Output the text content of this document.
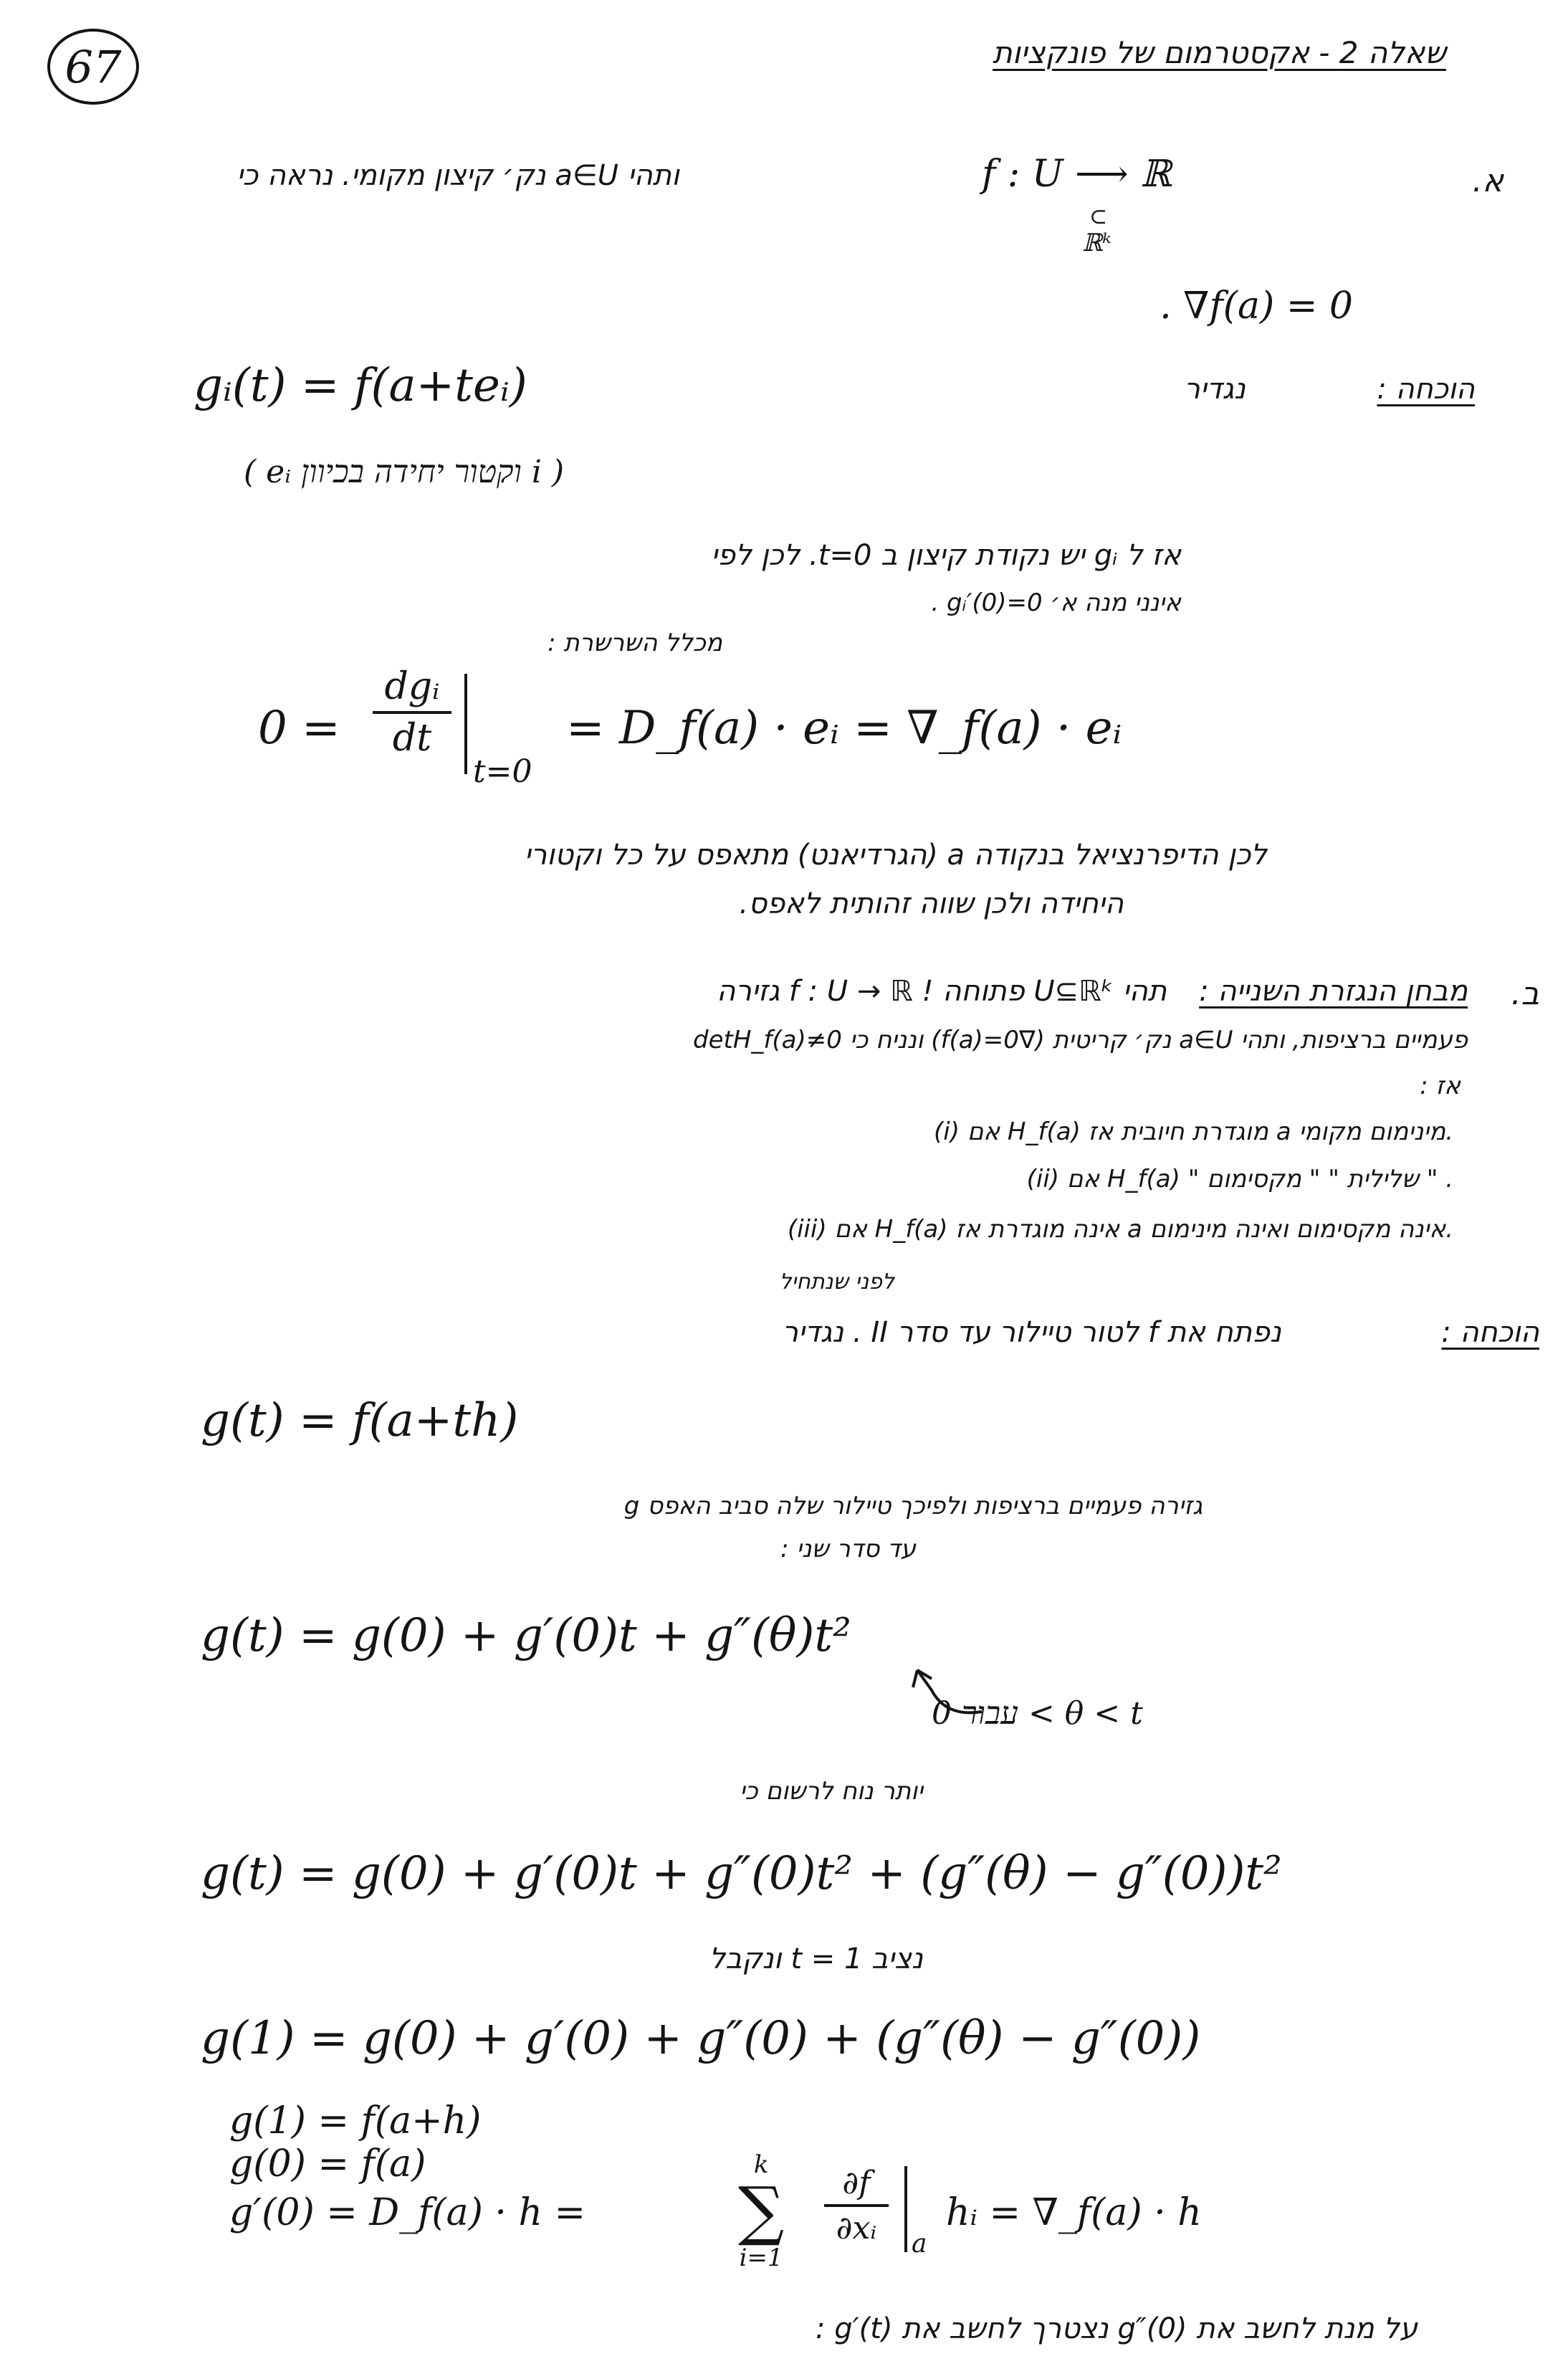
67	שאלה 2 - אקסטרמום של פונקציות
א.
ותהי a∈U נק׳ קיצון מקומי. נראה כי	f : U ⟶ ℝ
⊂
ℝᵏ
. ∇f(a) = 0
הוכחה :
נגדיר
gᵢ(t) = f(a+teᵢ)
( eᵢ וקטור יחידה בכיוון i )
אז ל gᵢ יש נקודת קיצון ב t=0. לכן לפי
אינני מנה א׳ gᵢ′(0)=0 .
מכלל השרשרת :
0 =
dgᵢ
dt
t=0
= D_f(a) · eᵢ = ∇_f(a) · eᵢ
לכן הדיפרנציאל בנקודה a (הגרדיאנט) מתאפס על כל וקטורי
היחידה ולכן שווה זהותית לאפס.
ב.
מבחן הנגזרת השנייה :
תהי U⊆ℝᵏ פתוחה ! f : U → ℝ גזירה
פעמיים ברציפות, ותהי a∈U נק׳ קריטית (∇f(a)=0) ונניח כי detH_f(a)≠0
אז :
(i) אם H_f(a) מוגדרת חיובית אז a מינימום מקומי.
(ii) אם H_f(a) " שלילית " " מקסימום " .
(iii) אם H_f(a) אינה מוגדרת אז a אינה מקסימום ואינה מינימום.
לפני שנתחיל
הוכחה :
נפתח את f לטור טיילור עד סדר II . נגדיר
g(t) = f(a+th)
g גזירה פעמיים ברציפות ולפיכך טיילור שלה סביב האפס
עד סדר שני :
g(t) = g(0) + g′(0)t + g″(θ)t²
עבור 0 < θ < t
יותר נוח לרשום כי
g(t) = g(0) + g′(0)t + g″(0)t² + (g″(θ) − g″(0))t²
נציב t = 1 ונקבל
g(1) = g(0) + g′(0) + g″(0) + (g″(θ) − g″(0))
g(1) = f(a+h)
g(0) = f(a)
g′(0) = D_f(a) · h =
k
∑
i=1
∂f
∂xᵢ a
hᵢ = ∇_f(a) · h
על מנת לחשב את g″(0) נצטרך לחשב את g′(t) :
